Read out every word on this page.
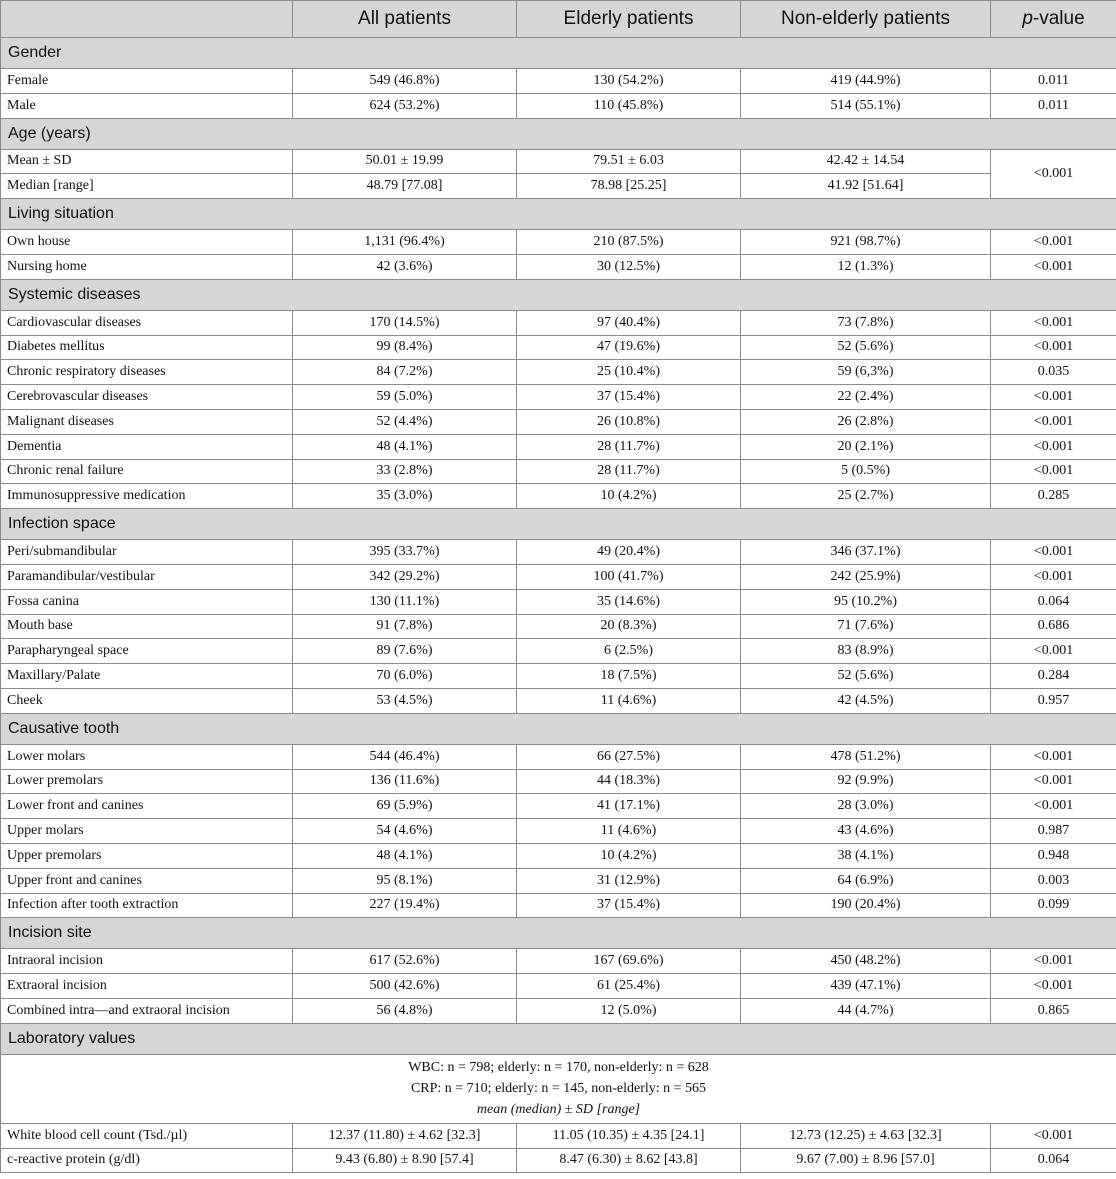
	All patients	Elderly patients	Non-elderly patients	p-value
Gender				
Female	549 (46.8%)	130 (54.2%)	419 (44.9%)	0.011
Male	624 (53.2%)	110 (45.8%)	514 (55.1%)	0.011
Age (years)				
Mean ± SD	50.01 ± 19.99	79.51 ± 6.03	42.42 ± 14.54	<0.001
Median [range]	48.79 [77.08]	78.98 [25.25]	41.92 [51.64]	
Living situation				
Own house	1,131 (96.4%)	210 (87.5%)	921 (98.7%)	<0.001
Nursing home	42 (3.6%)	30 (12.5%)	12 (1.3%)	<0.001
Systemic diseases				
Cardiovascular diseases	170 (14.5%)	97 (40.4%)	73 (7.8%)	<0.001
Diabetes mellitus	99 (8.4%)	47 (19.6%)	52 (5.6%)	<0.001
Chronic respiratory diseases	84 (7.2%)	25 (10.4%)	59 (6,3%)	0.035
Cerebrovascular diseases	59 (5.0%)	37 (15.4%)	22 (2.4%)	<0.001
Malignant diseases	52 (4.4%)	26 (10.8%)	26 (2.8%)	<0.001
Dementia	48 (4.1%)	28 (11.7%)	20 (2.1%)	<0.001
Chronic renal failure	33 (2.8%)	28 (11.7%)	5 (0.5%)	<0.001
Immunosuppressive medication	35 (3.0%)	10 (4.2%)	25 (2.7%)	0.285
Infection space				
Peri/submandibular	395 (33.7%)	49 (20.4%)	346 (37.1%)	<0.001
Paramandibular/vestibular	342 (29.2%)	100 (41.7%)	242 (25.9%)	<0.001
Fossa canina	130 (11.1%)	35 (14.6%)	95 (10.2%)	0.064
Mouth base	91 (7.8%)	20 (8.3%)	71 (7.6%)	0.686
Parapharyngeal space	89 (7.6%)	6 (2.5%)	83 (8.9%)	<0.001
Maxillary/Palate	70 (6.0%)	18 (7.5%)	52 (5.6%)	0.284
Cheek	53 (4.5%)	11 (4.6%)	42 (4.5%)	0.957
Causative tooth				
Lower molars	544 (46.4%)	66 (27.5%)	478 (51.2%)	<0.001
Lower premolars	136 (11.6%)	44 (18.3%)	92 (9.9%)	<0.001
Lower front and canines	69 (5.9%)	41 (17.1%)	28 (3.0%)	<0.001
Upper molars	54 (4.6%)	11 (4.6%)	43 (4.6%)	0.987
Upper premolars	48 (4.1%)	10 (4.2%)	38 (4.1%)	0.948
Upper front and canines	95 (8.1%)	31 (12.9%)	64 (6.9%)	0.003
Infection after tooth extraction	227 (19.4%)	37 (15.4%)	190 (20.4%)	0.099
Incision site				
Intraoral incision	617 (52.6%)	167 (69.6%)	450 (48.2%)	<0.001
Extraoral incision	500 (42.6%)	61 (25.4%)	439 (47.1%)	<0.001
Combined intra—and extraoral incision	56 (4.8%)	12 (5.0%)	44 (4.7%)	0.865
Laboratory values				

WBC: n = 798; elderly: n = 170, non-elderly: n = 628
CRP: n = 710; elderly: n = 145, non-elderly: n = 565
mean (median) ± SD [range]				

White blood cell count (Tsd./µl)	12.37 (11.80) ± 4.62 [32.3]	11.05 (10.35) ± 4.35 [24.1]	12.73 (12.25) ± 4.63 [32.3]	<0.001
c-reactive protein (g/dl)	9.43 (6.80) ± 8.90 [57.4]	8.47 (6.30) ± 8.62 [43.8]	9.67 (7.00) ± 8.96 [57.0]	0.064
